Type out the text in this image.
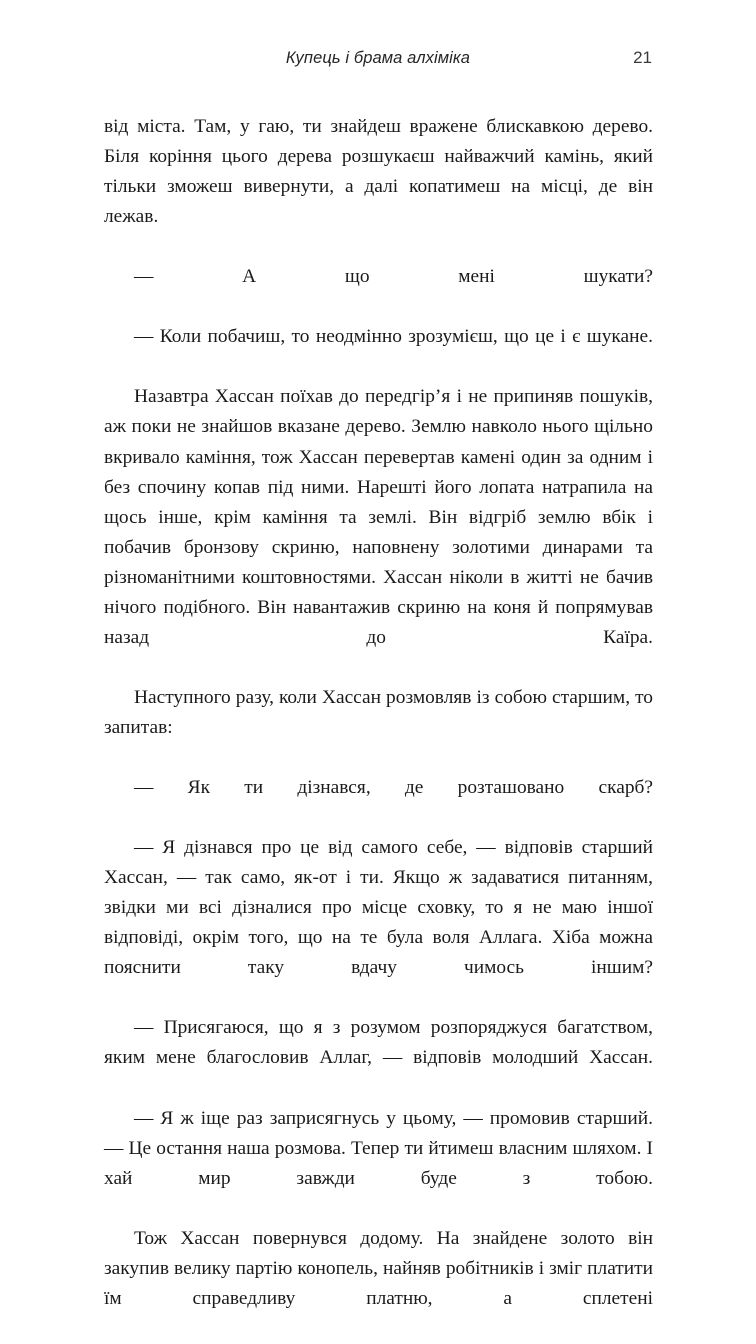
Купець і брама алхіміка	21

від міста. Там, у гаю, ти знайдеш вражене блискавкою дерево. Біля коріння цього дерева розшукаєш найважчий камінь, який тільки зможеш вивернути, а далі копатимеш на місці, де він лежав.

— А що мені шукати?

— Коли побачиш, то неодмінно зрозумієш, що це і є шукане.

Назавтра Хассан поїхав до передгір’я і не припиняв пошуків, аж поки не знайшов вказане дерево. Землю навколо нього щільно вкривало каміння, тож Хассан перевертав камені один за одним і без спочину копав під ними. Нарешті його лопата натрапила на щось інше, крім каміння та землі. Він відгріб землю вбік і побачив бронзову скриню, наповнену золотими динарами та різноманітними коштовностями. Хассан ніколи в житті не бачив нічого подібного. Він навантажив скриню на коня й попрямував назад до Каїра.

Наступного разу, коли Хассан розмовляв із собою старшим, то запитав:

— Як ти дізнався, де розташовано скарб?

— Я дізнався про це від самого себе, — відповів старший Хассан, — так само, як-от і ти. Якщо ж задаватися питанням, звідки ми всі дізналися про місце сховку, то я не маю іншої відповіді, окрім того, що на те була воля Аллага. Хіба можна пояснити таку вдачу чимось іншим?

— Присягаюся, що я з розумом розпоряджуся багатством, яким мене благословив Аллаг, — відповів молодший Хассан.

— Я ж іще раз заприсягнусь у цьому, — промовив старший. — Це остання наша розмова. Тепер ти йтимеш власним шляхом. І хай мир завжди буде з тобою.

Тож Хассан повернувся додому. На знайдене золото він закупив велику партію конопель, найняв робітників і зміг платити їм справедливу платню, а сплетені
